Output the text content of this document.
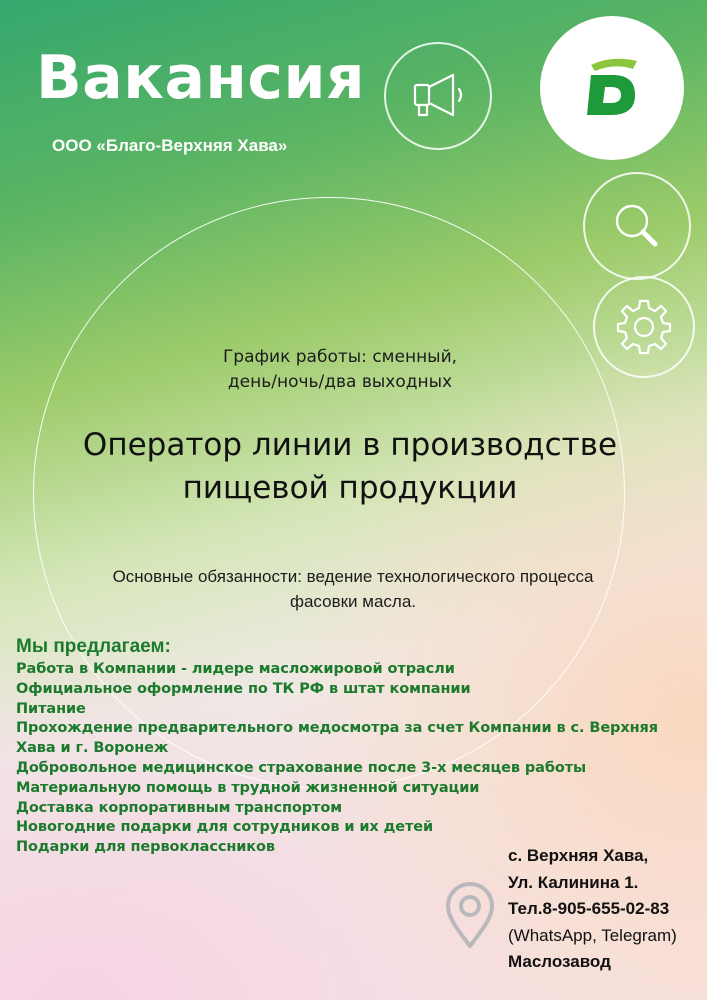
Вакансия
ООО «Благо-Верхняя Хава»
График работы: сменный,
день/ночь/два выходных
Оператор линии в производстве
пищевой продукции
Основные обязанности: ведение технологического процесса
фасовки масла.
Мы предлагаем:
Работа в Компании - лидере масложировой отрасли
Официальное оформление по ТК РФ в штат компании
Питание
Прохождение предварительного медосмотра за счет Компании в с. Верхняя
Хава и г. Воронеж
Добровольное медицинское страхование после 3-х месяцев работы
Материальную помощь в трудной жизненной ситуации
Доставка корпоративным транспортом
Новогодние подарки для сотрудников и их детей
Подарки для первоклассников	с. Верхняя Хава,
Ул. Калинина 1.
Тел.8-905-655-02-83
(WhatsApp, Telegram)
Маслозавод
